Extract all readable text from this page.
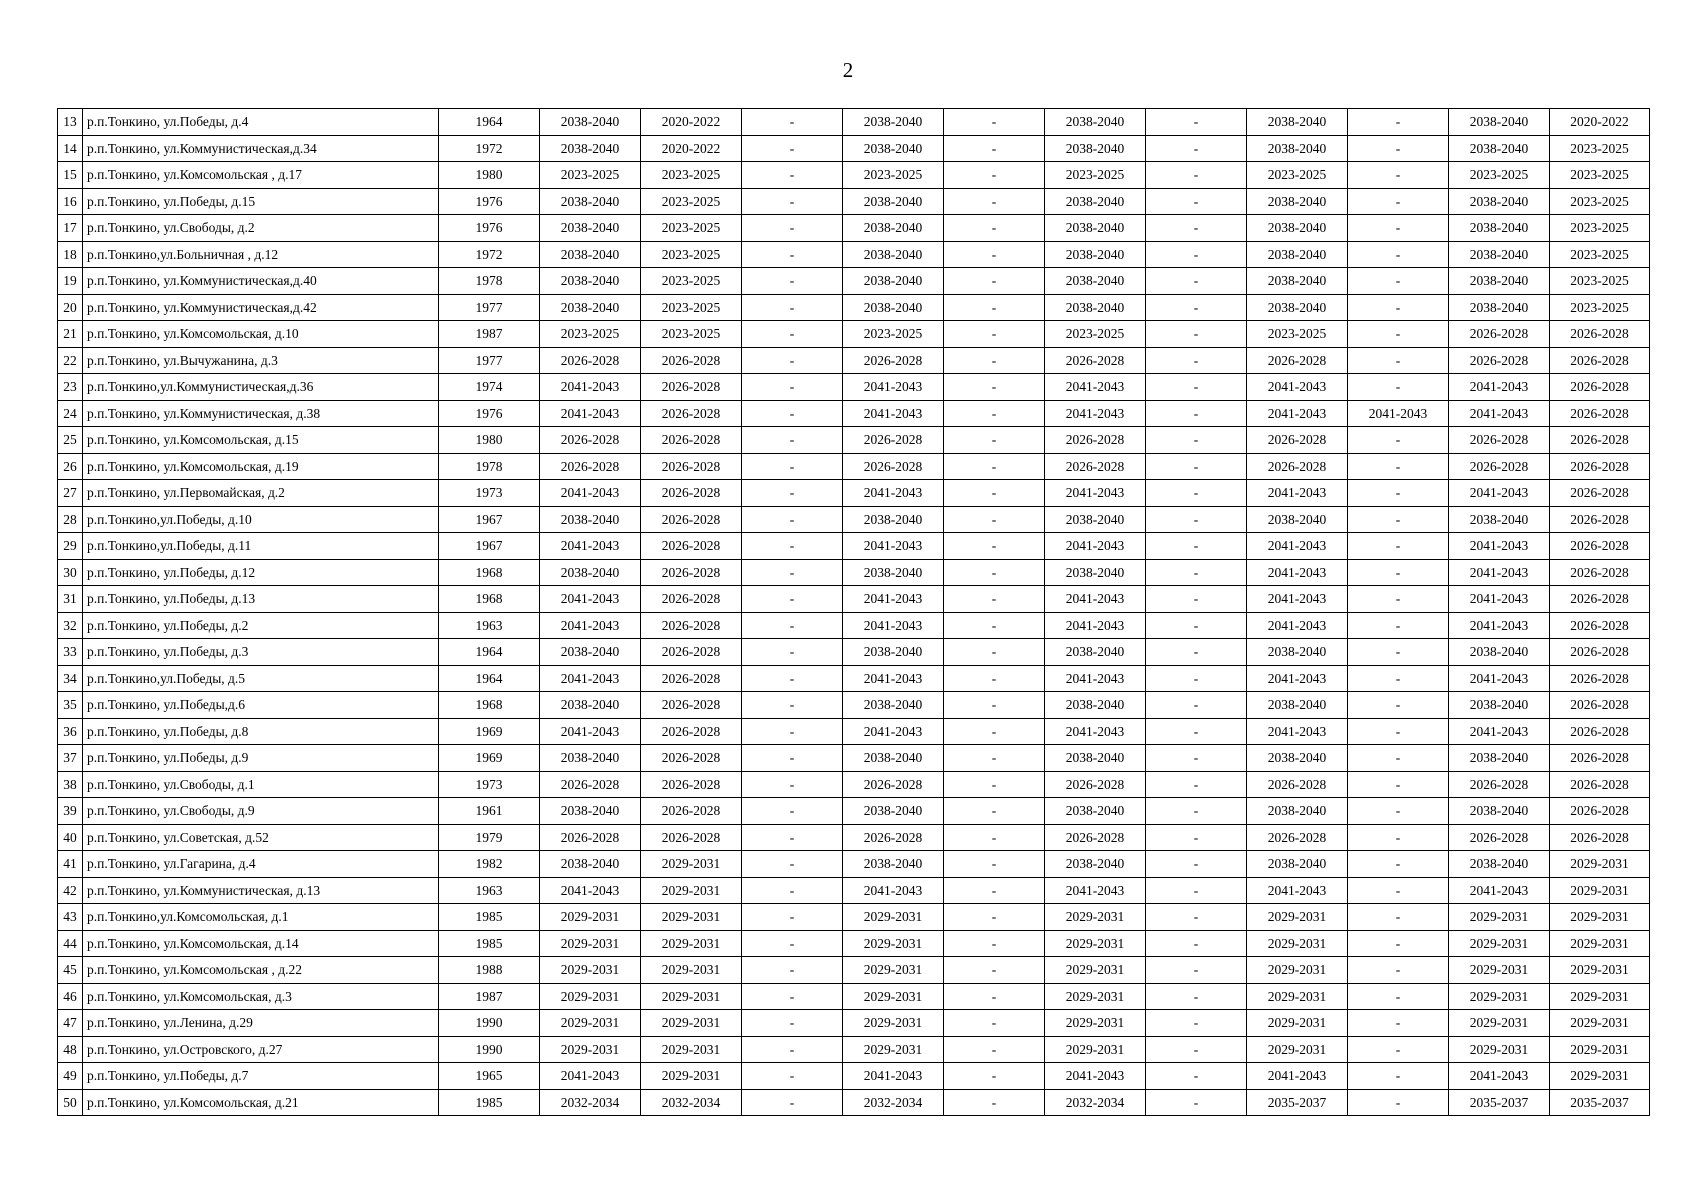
2
13	р.п.Тонкино, ул.Победы, д.4	1964	2038-2040	2020-2022	-	2038-2040	-	2038-2040	-	2038-2040	-	2038-2040	2020-2022
14	р.п.Тонкино, ул.Коммунистическая,д.34	1972	2038-2040	2020-2022	-	2038-2040	-	2038-2040	-	2038-2040	-	2038-2040	2023-2025
15	р.п.Тонкино, ул.Комсомольская , д.17	1980	2023-2025	2023-2025	-	2023-2025	-	2023-2025	-	2023-2025	-	2023-2025	2023-2025
16	р.п.Тонкино, ул.Победы, д.15	1976	2038-2040	2023-2025	-	2038-2040	-	2038-2040	-	2038-2040	-	2038-2040	2023-2025
17	р.п.Тонкино, ул.Свободы, д.2	1976	2038-2040	2023-2025	-	2038-2040	-	2038-2040	-	2038-2040	-	2038-2040	2023-2025
18	р.п.Тонкино,ул.Больничная , д.12	1972	2038-2040	2023-2025	-	2038-2040	-	2038-2040	-	2038-2040	-	2038-2040	2023-2025
19	р.п.Тонкино, ул.Коммунистическая,д.40	1978	2038-2040	2023-2025	-	2038-2040	-	2038-2040	-	2038-2040	-	2038-2040	2023-2025
20	р.п.Тонкино, ул.Коммунистическая,д.42	1977	2038-2040	2023-2025	-	2038-2040	-	2038-2040	-	2038-2040	-	2038-2040	2023-2025
21	р.п.Тонкино, ул.Комсомольская, д.10	1987	2023-2025	2023-2025	-	2023-2025	-	2023-2025	-	2023-2025	-	2026-2028	2026-2028
22	р.п.Тонкино, ул.Вычужанина, д.3	1977	2026-2028	2026-2028	-	2026-2028	-	2026-2028	-	2026-2028	-	2026-2028	2026-2028
23	р.п.Тонкино,ул.Коммунистическая,д.36	1974	2041-2043	2026-2028	-	2041-2043	-	2041-2043	-	2041-2043	-	2041-2043	2026-2028
24	р.п.Тонкино, ул.Коммунистическая, д.38	1976	2041-2043	2026-2028	-	2041-2043	-	2041-2043	-	2041-2043	2041-2043	2041-2043	2026-2028
25	р.п.Тонкино, ул.Комсомольская, д.15	1980	2026-2028	2026-2028	-	2026-2028	-	2026-2028	-	2026-2028	-	2026-2028	2026-2028
26	р.п.Тонкино, ул.Комсомольская, д.19	1978	2026-2028	2026-2028	-	2026-2028	-	2026-2028	-	2026-2028	-	2026-2028	2026-2028
27	р.п.Тонкино, ул.Первомайская, д.2	1973	2041-2043	2026-2028	-	2041-2043	-	2041-2043	-	2041-2043	-	2041-2043	2026-2028
28	р.п.Тонкино,ул.Победы, д.10	1967	2038-2040	2026-2028	-	2038-2040	-	2038-2040	-	2038-2040	-	2038-2040	2026-2028
29	р.п.Тонкино,ул.Победы, д.11	1967	2041-2043	2026-2028	-	2041-2043	-	2041-2043	-	2041-2043	-	2041-2043	2026-2028
30	р.п.Тонкино, ул.Победы, д.12	1968	2038-2040	2026-2028	-	2038-2040	-	2038-2040	-	2041-2043	-	2041-2043	2026-2028
31	р.п.Тонкино, ул.Победы, д.13	1968	2041-2043	2026-2028	-	2041-2043	-	2041-2043	-	2041-2043	-	2041-2043	2026-2028
32	р.п.Тонкино, ул.Победы, д.2	1963	2041-2043	2026-2028	-	2041-2043	-	2041-2043	-	2041-2043	-	2041-2043	2026-2028
33	р.п.Тонкино, ул.Победы, д.3	1964	2038-2040	2026-2028	-	2038-2040	-	2038-2040	-	2038-2040	-	2038-2040	2026-2028
34	р.п.Тонкино,ул.Победы, д.5	1964	2041-2043	2026-2028	-	2041-2043	-	2041-2043	-	2041-2043	-	2041-2043	2026-2028
35	р.п.Тонкино, ул.Победы,д.6	1968	2038-2040	2026-2028	-	2038-2040	-	2038-2040	-	2038-2040	-	2038-2040	2026-2028
36	р.п.Тонкино, ул.Победы, д.8	1969	2041-2043	2026-2028	-	2041-2043	-	2041-2043	-	2041-2043	-	2041-2043	2026-2028
37	р.п.Тонкино, ул.Победы, д.9	1969	2038-2040	2026-2028	-	2038-2040	-	2038-2040	-	2038-2040	-	2038-2040	2026-2028
38	р.п.Тонкино, ул.Свободы, д.1	1973	2026-2028	2026-2028	-	2026-2028	-	2026-2028	-	2026-2028	-	2026-2028	2026-2028
39	р.п.Тонкино, ул.Свободы, д.9	1961	2038-2040	2026-2028	-	2038-2040	-	2038-2040	-	2038-2040	-	2038-2040	2026-2028
40	р.п.Тонкино, ул.Советская, д.52	1979	2026-2028	2026-2028	-	2026-2028	-	2026-2028	-	2026-2028	-	2026-2028	2026-2028
41	р.п.Тонкино, ул.Гагарина, д.4	1982	2038-2040	2029-2031	-	2038-2040	-	2038-2040	-	2038-2040	-	2038-2040	2029-2031
42	р.п.Тонкино, ул.Коммунистическая, д.13	1963	2041-2043	2029-2031	-	2041-2043	-	2041-2043	-	2041-2043	-	2041-2043	2029-2031
43	р.п.Тонкино,ул.Комсомольская, д.1	1985	2029-2031	2029-2031	-	2029-2031	-	2029-2031	-	2029-2031	-	2029-2031	2029-2031
44	р.п.Тонкино, ул.Комсомольская, д.14	1985	2029-2031	2029-2031	-	2029-2031	-	2029-2031	-	2029-2031	-	2029-2031	2029-2031
45	р.п.Тонкино, ул.Комсомольская , д.22	1988	2029-2031	2029-2031	-	2029-2031	-	2029-2031	-	2029-2031	-	2029-2031	2029-2031
46	р.п.Тонкино, ул.Комсомольская, д.3	1987	2029-2031	2029-2031	-	2029-2031	-	2029-2031	-	2029-2031	-	2029-2031	2029-2031
47	р.п.Тонкино, ул.Ленина, д.29	1990	2029-2031	2029-2031	-	2029-2031	-	2029-2031	-	2029-2031	-	2029-2031	2029-2031
48	р.п.Тонкино, ул.Островского, д.27	1990	2029-2031	2029-2031	-	2029-2031	-	2029-2031	-	2029-2031	-	2029-2031	2029-2031
49	р.п.Тонкино, ул.Победы, д.7	1965	2041-2043	2029-2031	-	2041-2043	-	2041-2043	-	2041-2043	-	2041-2043	2029-2031
50	р.п.Тонкино, ул.Комсомольская, д.21	1985	2032-2034	2032-2034	-	2032-2034	-	2032-2034	-	2035-2037	-	2035-2037	2035-2037
